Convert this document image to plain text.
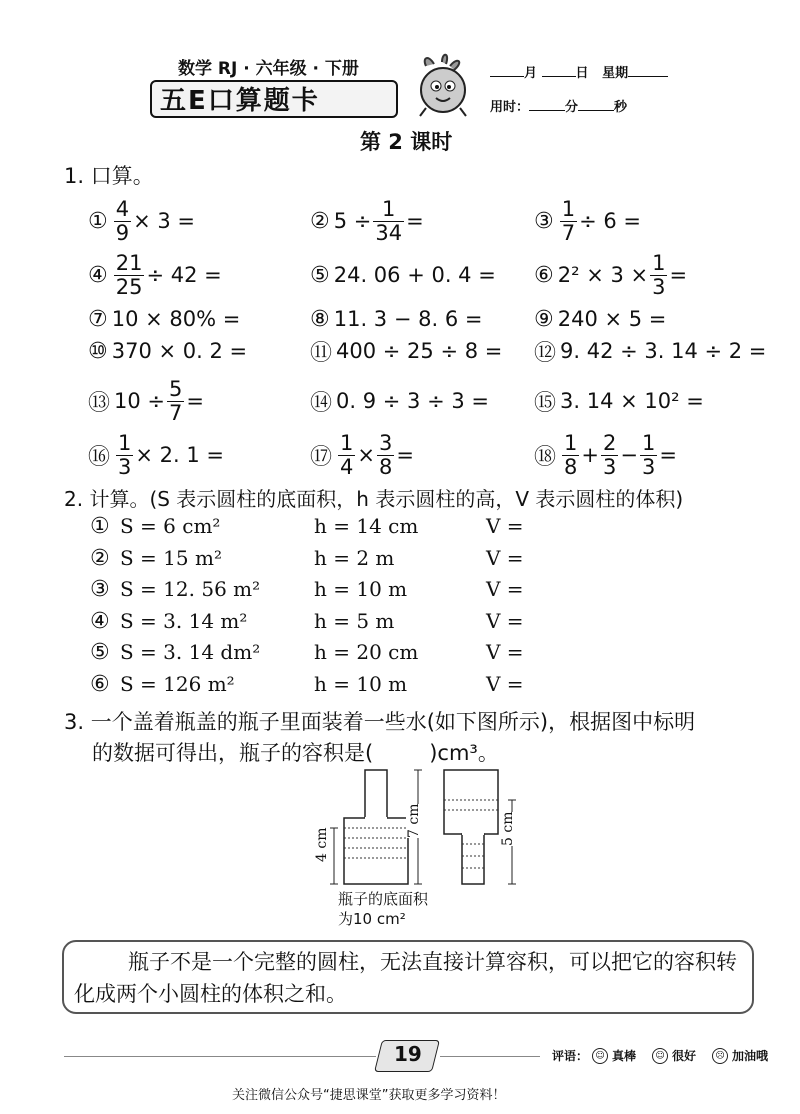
数学 RJ · 六年级 · 下册
五E口算题卡
月	日 星期
用时：	分	秒
第 2 课时
1. 口算。
① $\frac{4}{9} \times 3$ =	② $5 \div \frac{1}{34}$ =	③ $\frac{1}{7} \div 6$ =
④ $\frac{21}{25} \div 42$ =	⑤ 24. 06 + 0. 4 = ⑥ $2^2 \times 3 \times \frac{1}{3}$ =
⑦ 10 × 80% =	⑧ 11. 3 − 8. 6 = ⑨ 240 × 5 =
⑩ 370 × 0. 2 =	⑪ 400 ÷ 25 ÷ 8 = ⑫ 9. 42 ÷ 3. 14 ÷ 2 =
⑬ $10 \div \frac{5}{7}$ =	⑭ 0. 9 ÷ 3 ÷ 3 = ⑮ 3. 14 × 10² =
⑯ $\frac{1}{3} \times 2$. 1 =	⑰ $\frac{1}{4} \times \frac{3}{8}$ =	⑱ $\frac{1}{8} + \frac{2}{3} - \frac{1}{3}$ =
2. 计算。(S 表示圆柱的底面积，h 表示圆柱的高，V 表示圆柱的体积)
① S = 6 cm²	h = 14 cm	V =
② S = 15 m²	h = 2 m	V =
③ S = 12. 56 m²	h = 10 m	V =
④ S = 3. 14 m²	h = 5 m	V =
⑤ S = 3. 14 dm²	h = 20 cm	V =
⑥ S = 126 m²	h = 10 m	V =
3. 一个盖着瓶盖的瓶子里面装着一些水(如下图所示)，根据图中标明
的数据可得出，瓶子的容积是(	)cm³。
4 cm
7 cm	5 cm
瓶子的底面积
为10 cm²
瓶子不是一个完整的圆柱，无法直接计算容积，可以把它的容积转化成两个小圆柱的体积之和。
19	评语： ☺ 真棒	☺ 很好	☹ 加油哦
关注微信公众号“捷思课堂”获取更多学习资料！
